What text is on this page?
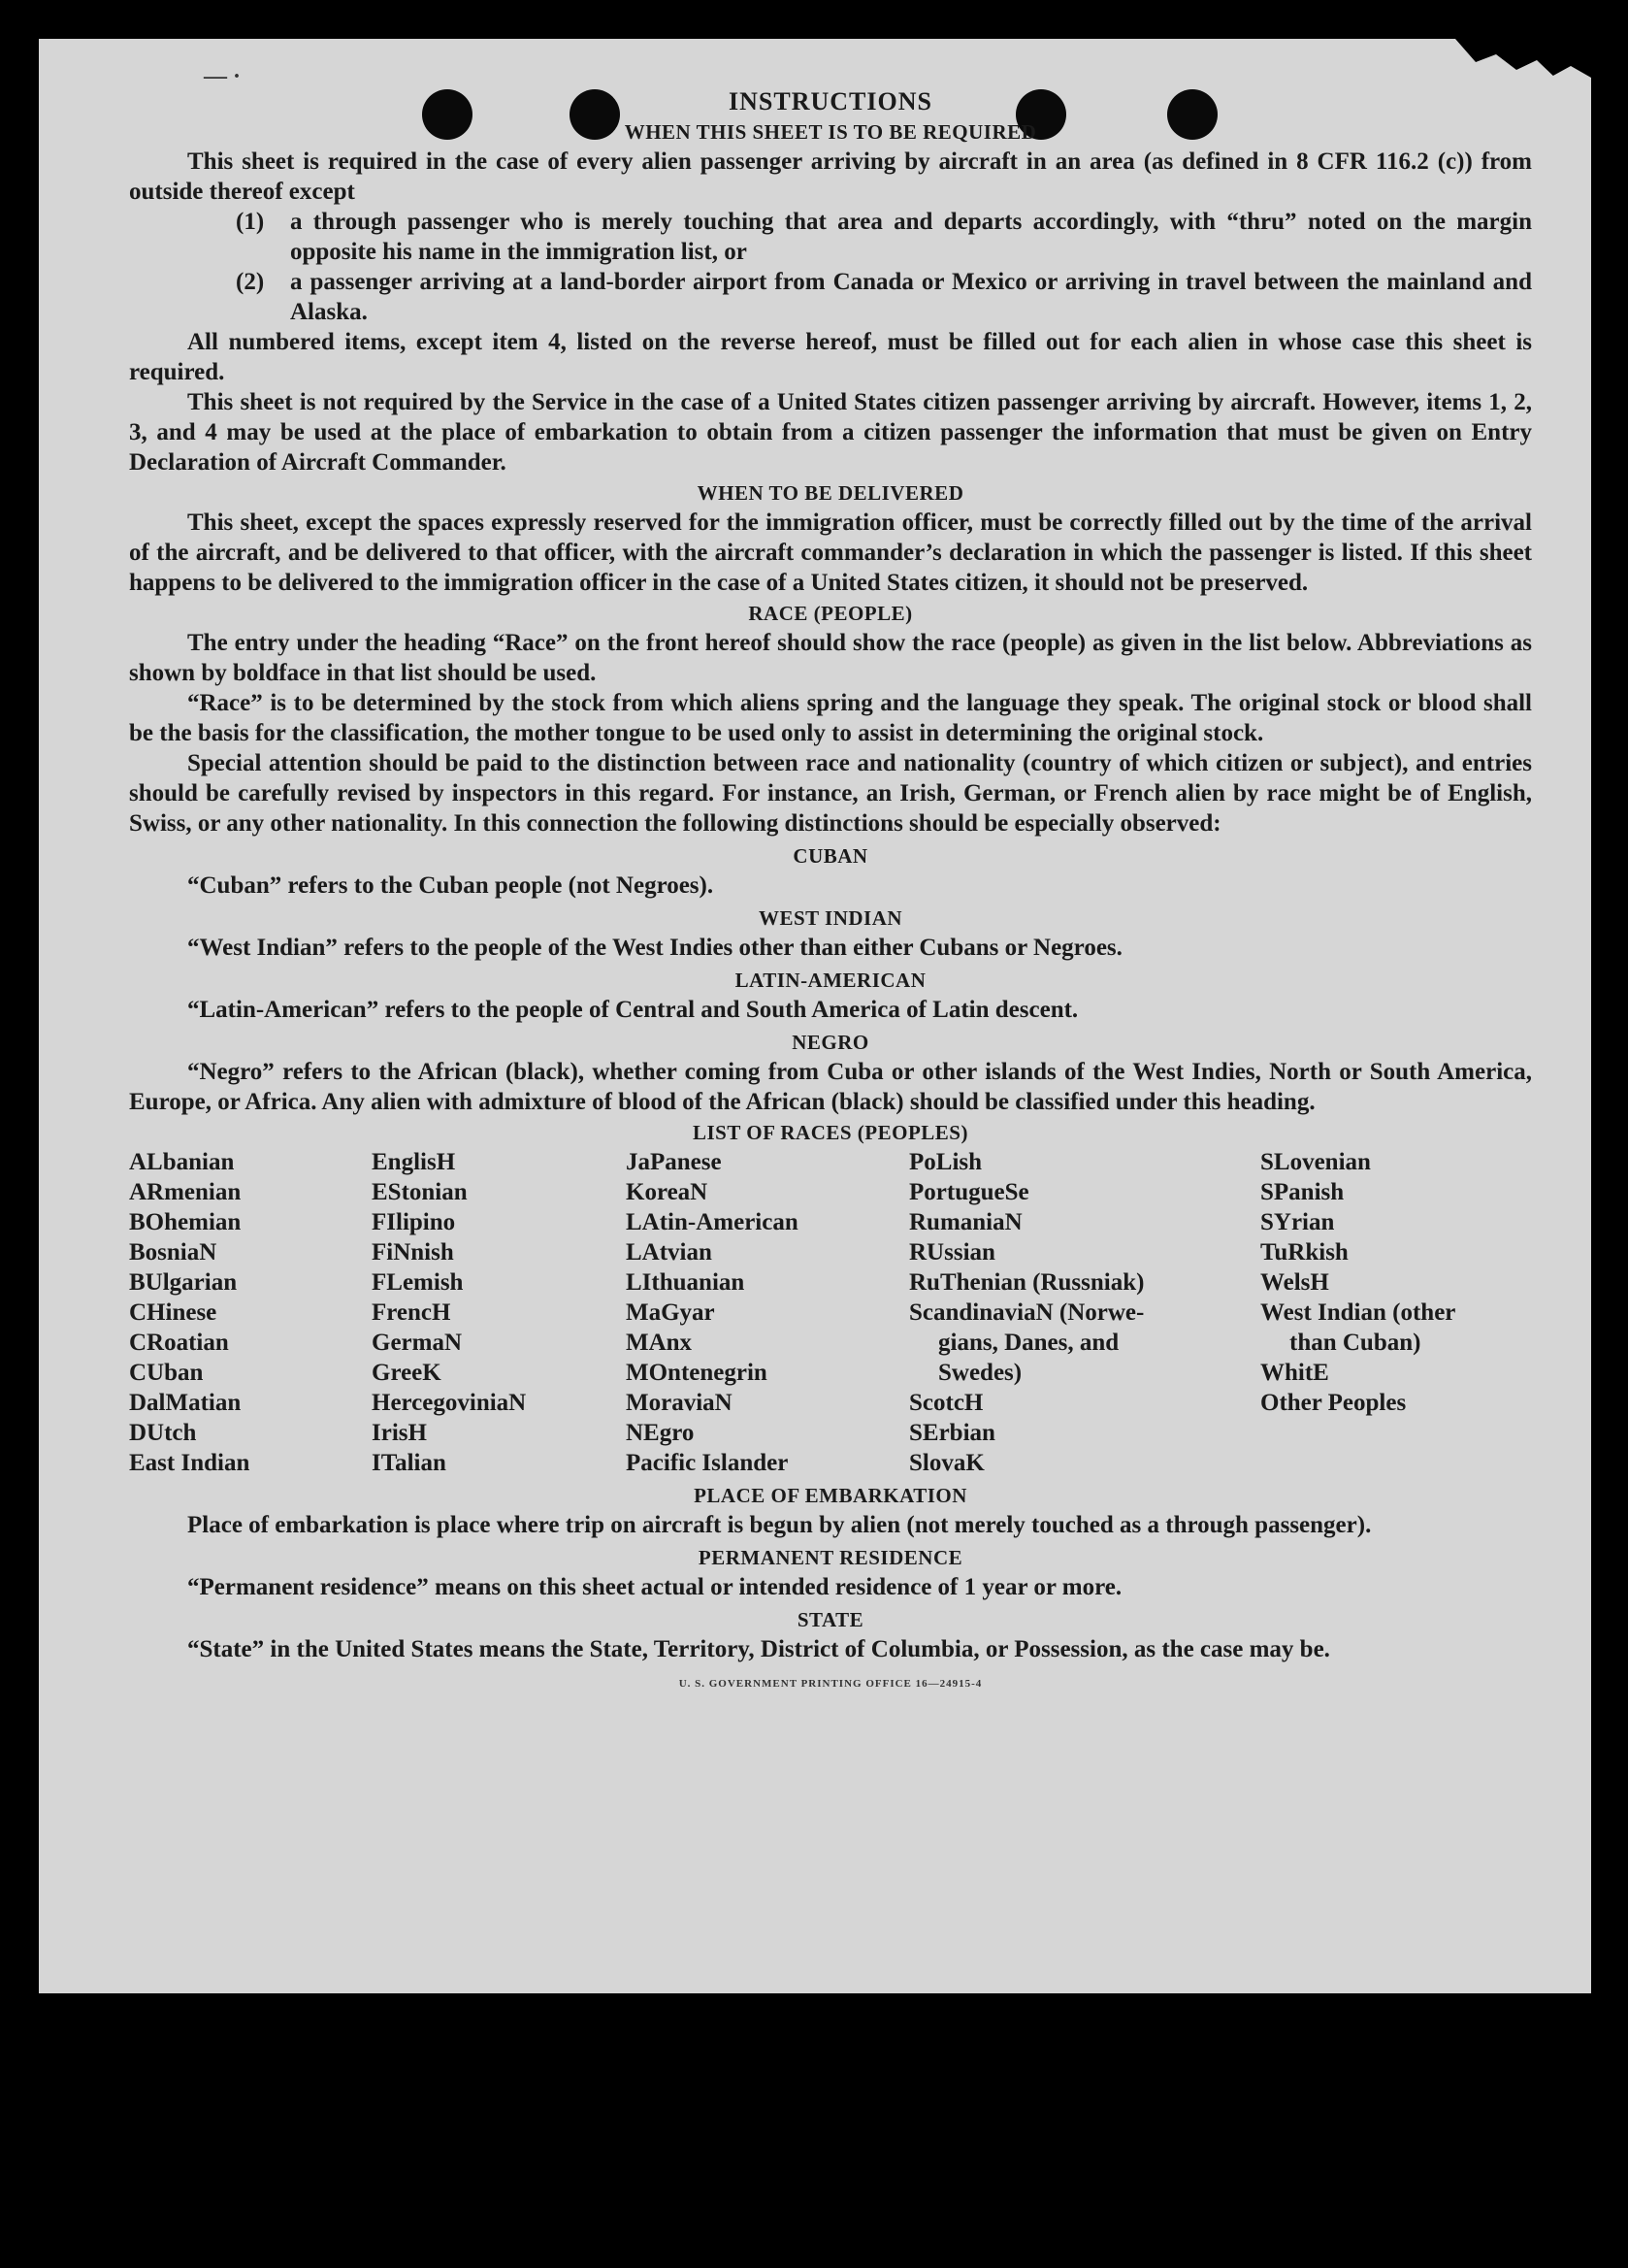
— ·
INSTRUCTIONS
WHEN THIS SHEET IS TO BE REQUIRED

This sheet is required in the case of every alien passenger arriving by aircraft in an area (as defined in 8 CFR 116.2 (c)) from outside thereof except

(1)	a through passenger who is merely touching that area and departs accordingly, with “thru” noted on the margin opposite his name in the immigration list, or
(2)	a passenger arriving at a land-border airport from Canada or Mexico or arriving in travel between the mainland and Alaska.

All numbered items, except item 4, listed on the reverse hereof, must be filled out for each alien in whose case this sheet is required.

This sheet is not required by the Service in the case of a United States citizen passenger arriving by aircraft. However, items 1, 2, 3, and 4 may be used at the place of embarkation to obtain from a citizen passenger the information that must be given on Entry Declaration of Aircraft Commander.

WHEN TO BE DELIVERED

This sheet, except the spaces expressly reserved for the immigration officer, must be correctly filled out by the time of the arrival of the aircraft, and be delivered to that officer, with the aircraft commander’s declaration in which the passenger is listed. If this sheet happens to be delivered to the immigration officer in the case of a United States citizen, it should not be preserved.

RACE (PEOPLE)

The entry under the heading “Race” on the front hereof should show the race (people) as given in the list below. Abbreviations as shown by boldface in that list should be used.

“Race” is to be determined by the stock from which aliens spring and the language they speak. The original stock or blood shall be the basis for the classification, the mother tongue to be used only to assist in determining the original stock.

Special attention should be paid to the distinction between race and nationality (country of which citizen or subject), and entries should be carefully revised by inspectors in this regard. For instance, an Irish, German, or French alien by race might be of English, Swiss, or any other nationality. In this connection the following distinctions should be especially observed:

CUBAN

“Cuban” refers to the Cuban people (not Negroes).

WEST INDIAN

“West Indian” refers to the people of the West Indies other than either Cubans or Negroes.

LATIN-AMERICAN

“Latin-American” refers to the people of Central and South America of Latin descent.

NEGRO

“Negro” refers to the African (black), whether coming from Cuba or other islands of the West Indies, North or South America, Europe, or Africa. Any alien with admixture of blood of the African (black) should be classified under this heading.

LIST OF RACES (PEOPLES)
ALbanian
ARmenian
BOhemian
BosniaN
BUlgarian
CHinese
CRoatian
CUban
DalMatian
DUtch
East Indian
EnglisH
EStonian
FIlipino
FiNnish
FLemish
FrencH
GermaN
GreeK
HercegoviniaN
IrisH
ITalian
JaPanese
KoreaN
LAtin-American
LAtvian
LIthuanian
MaGyar
MAnx
MOntenegrin
MoraviaN
NEgro
Pacific Islander
PoLish
PortugueSe
RumaniaN
RUssian
RuThenian (Russniak)
ScandinaviaN (Norwe-
gians, Danes, and
Swedes)
ScotcH
SErbian
SlovaK
SLovenian
SPanish
SYrian
TuRkish
WelsH
West Indian (other
than Cuban)
WhitE
Other Peoples
PLACE OF EMBARKATION

Place of embarkation is place where trip on aircraft is begun by alien (not merely touched as a through passenger).

PERMANENT RESIDENCE

“Permanent residence” means on this sheet actual or intended residence of 1 year or more.

STATE

“State” in the United States means the State, Territory, District of Columbia, or Possession, as the case may be.

U. S. GOVERNMENT PRINTING OFFICE 16—24915-4
